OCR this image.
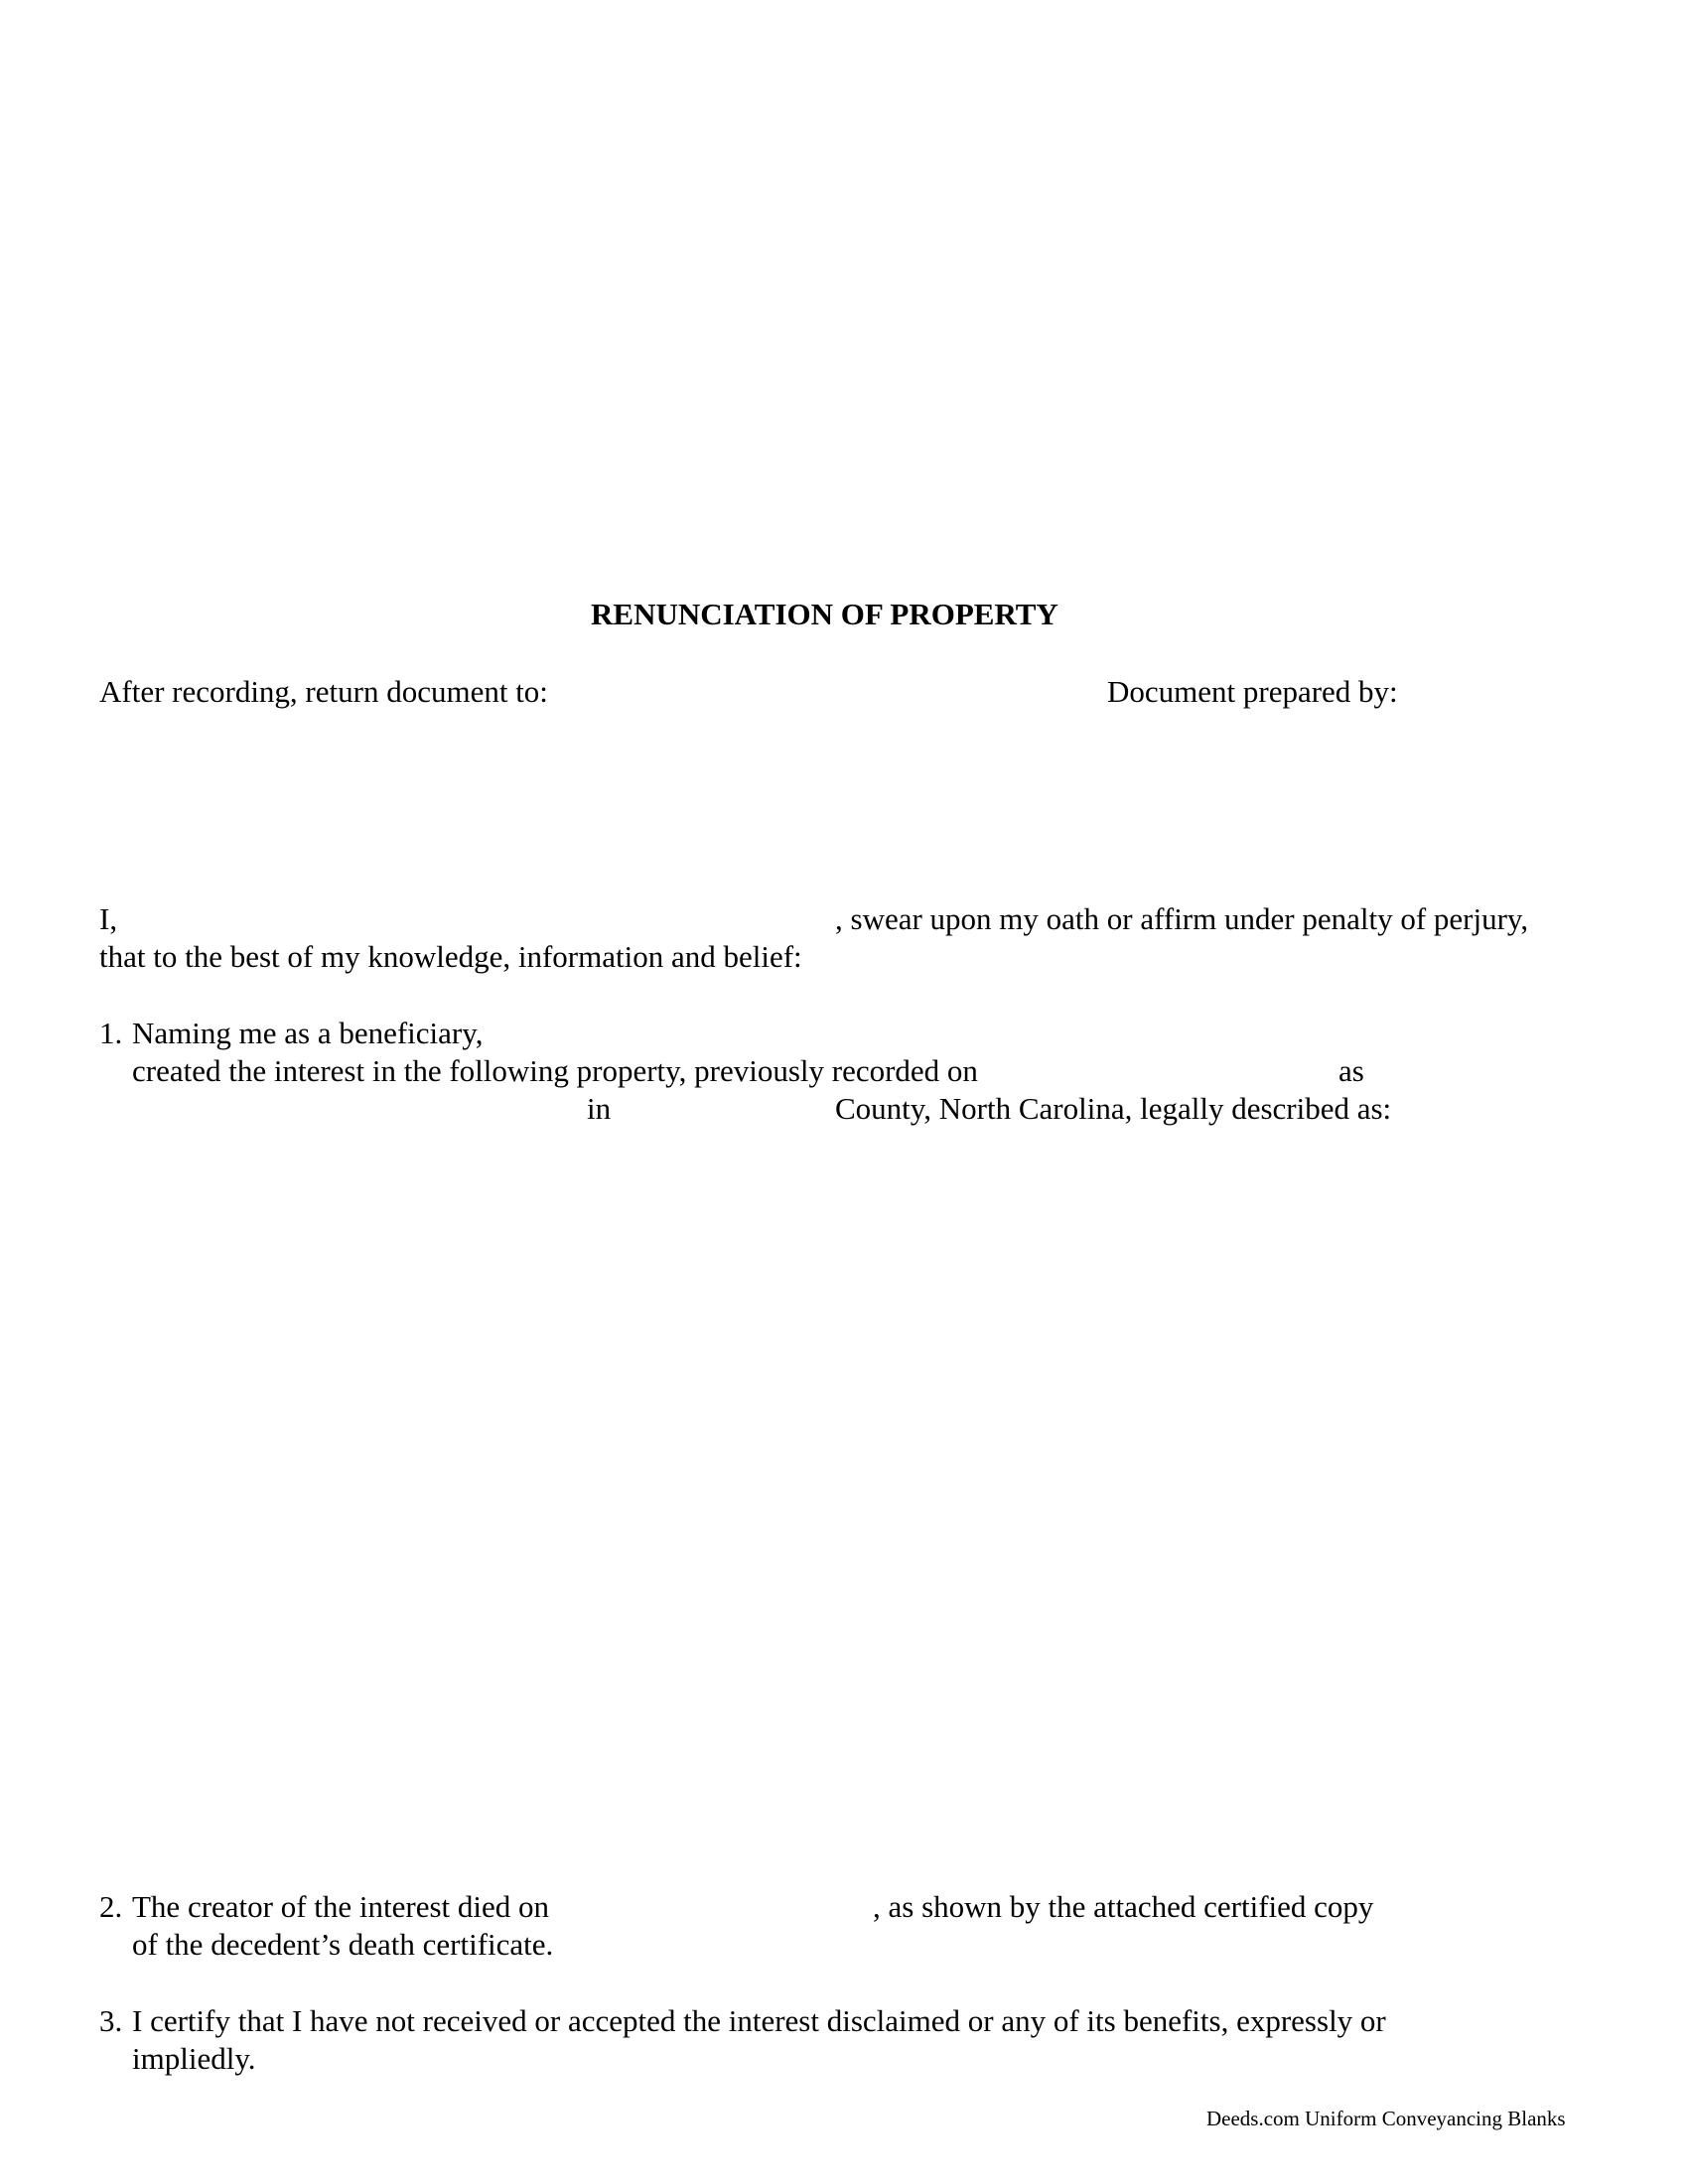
RENUNCIATION OF PROPERTY
After recording, return document to:	Document prepared by:
I,	, swear upon my oath or affirm under penalty of perjury,
that to the best of my knowledge, information and belief:
1. Naming me as a beneficiary,
created the interest in the following property, previously recorded on	as
in	County, North Carolina, legally described as:
2. The creator of the interest died on	, as shown by the attached certified copy
of the decedent’s death certificate.
3. I certify that I have not received or accepted the interest disclaimed or any of its benefits, expressly or
impliedly.
Deeds.com Uniform Conveyancing Blanks
